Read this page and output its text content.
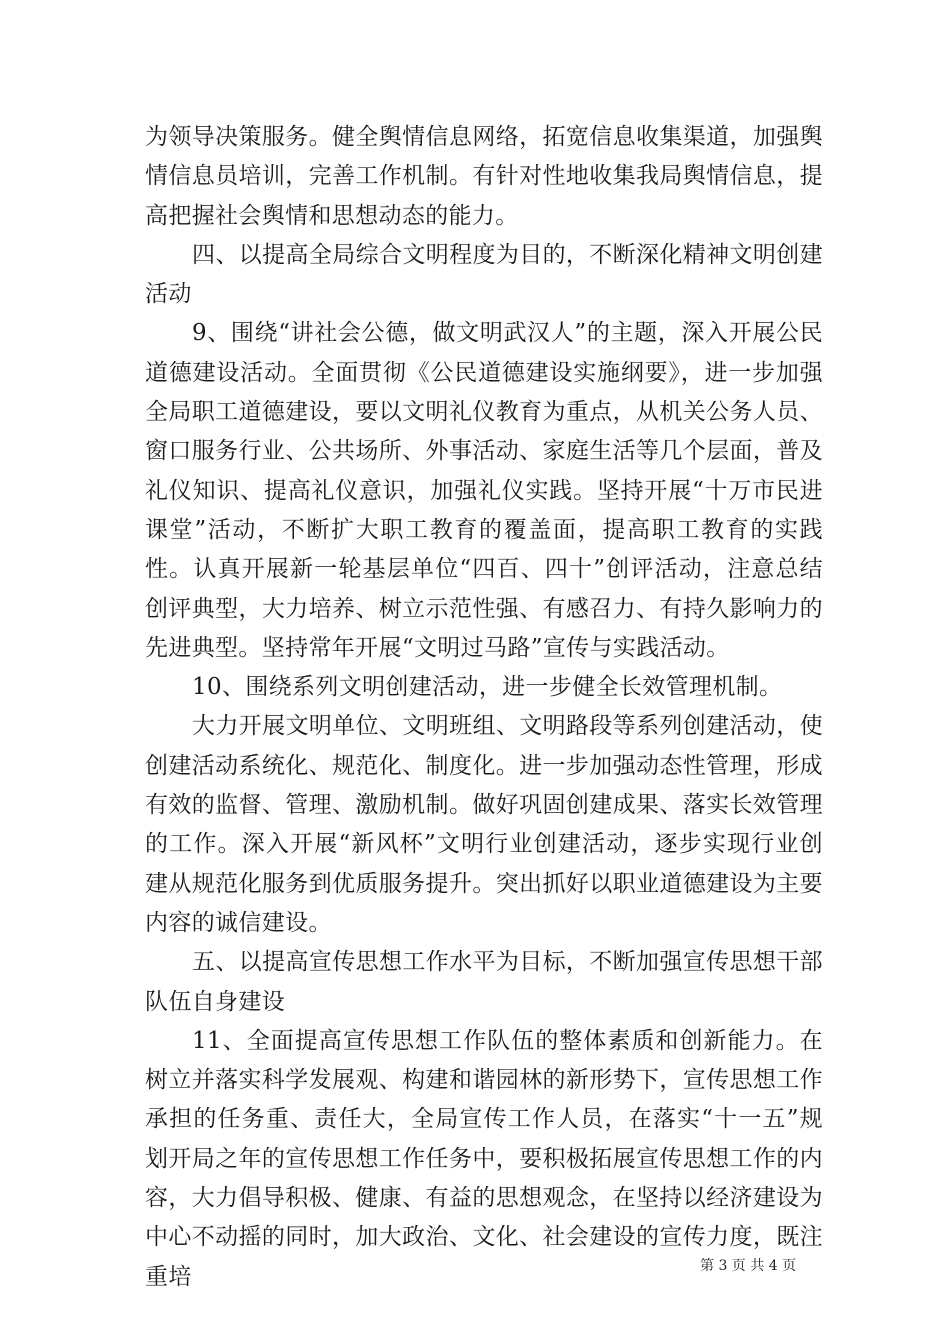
为领导决策服务。健全舆情信息网络，拓宽信息收集渠道，加强舆情信息员培训，完善工作机制。有针对性地收集我局舆情信息，提高把握社会舆情和思想动态的能力。

四、以提高全局综合文明程度为目的，不断深化精神文明创建活动

9、围绕“讲社会公德，做文明武汉人”的主题，深入开展公民道德建设活动。全面贯彻《公民道德建设实施纲要》，进一步加强全局职工道德建设，要以文明礼仪教育为重点，从机关公务人员、窗口服务行业、公共场所、外事活动、家庭生活等几个层面，普及礼仪知识、提高礼仪意识，加强礼仪实践。坚持开展“十万市民进课堂”活动，不断扩大职工教育的覆盖面，提高职工教育的实践性。认真开展新一轮基层单位“四百、四十”创评活动，注意总结创评典型，大力培养、树立示范性强、有感召力、有持久影响力的先进典型。坚持常年开展“文明过马路”宣传与实践活动。

10、围绕系列文明创建活动，进一步健全长效管理机制。

大力开展文明单位、文明班组、文明路段等系列创建活动，使创建活动系统化、规范化、制度化。进一步加强动态性管理，形成有效的监督、管理、激励机制。做好巩固创建成果、落实长效管理的工作。深入开展“新风杯”文明行业创建活动，逐步实现行业创建从规范化服务到优质服务提升。突出抓好以职业道德建设为主要内容的诚信建设。

五、以提高宣传思想工作水平为目标，不断加强宣传思想干部队伍自身建设

11、全面提高宣传思想工作队伍的整体素质和创新能力。在树立并落实科学发展观、构建和谐园林的新形势下，宣传思想工作承担的任务重、责任大，全局宣传工作人员，在落实“十一五”规划开局之年的宣传思想工作任务中，要积极拓展宣传思想工作的内容，大力倡导积极、健康、有益的思想观念，在坚持以经济建设为中心不动摇的同时，加大政治、文化、社会建设的宣传力度，既注重培	第 3 页 共 4 页
